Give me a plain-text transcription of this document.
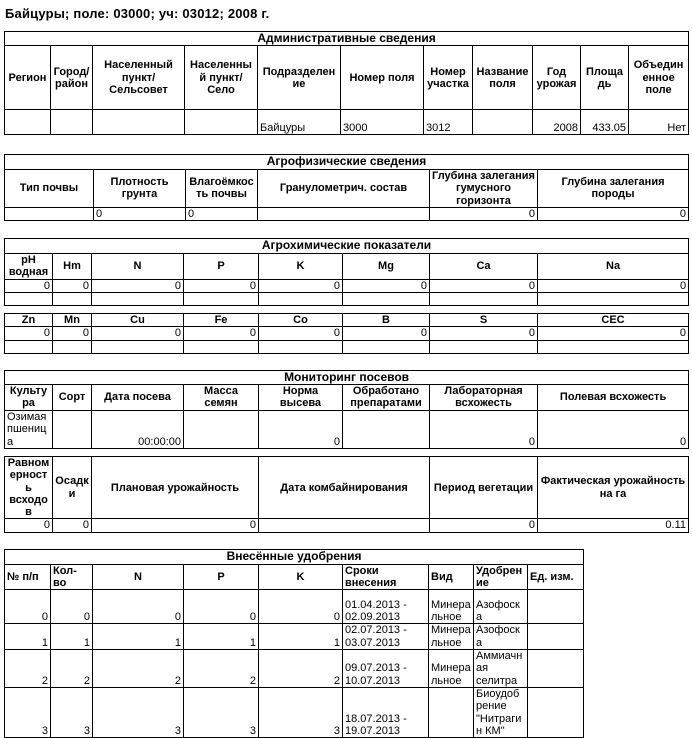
Байцуры; поле: 03000; уч: 03012; 2008 г.
Административные сведения										
Регион	Город/район	Населенный пункт/Сельсовет	Населенный пункт/Село	Подразделение	Номер поля	Номер участка	Название поля	Год урожая	Площадь	Объединенное поле
				Байцуры	3000	3012		2008	433.05	Нет
Агрофизические сведения					
Тип почвы	Плотность грунта	Влагоёмкость почвы	Гранулометрич. состав	Глубина залегания гумусного горизонта	Глубина залегания породы
	0	0		0	0
Агрохимические показатели							
pH водная	Hm	N	P	K	Mg	Ca	Na
0	0	0	0	0	0	0	0

Zn	Mn	Cu	Fe	Co	B	S	CEC
0	0	0	0	0	0	0	0

Мониторинг посевов							
Культура	Сорт	Дата посева	Масса семян	Норма высева	Обработано препаратами	Лабораторная всхожесть	Полевая всхожесть
Озимая пшеница		00:00:00		0		0	0
Равномерность всходов	Осадки	Плановая урожайность	Дата комбайнирования	Период вегетации	Фактическая урожайность на га
0	0	0		0	0.11
Внесённые удобрения								
№ п/п	Кол-во	N	P	K	Сроки внесения	Вид	Удобрение	Ед. изм.
0	0	0	0	0	01.04.2013 - 02.09.2013	Минеральное	Азофоска	
1	1	1	1	1	02.07.2013 - 03.07.2013	Минеральное	Азофоска	
2	2	2	2	2	09.07.2013 - 10.07.2013	Минеральное	Аммиачная селитра	
3	3	3	3	3	18.07.2013 - 19.07.2013		Биоудобрение "Нитрагин КМ"	
